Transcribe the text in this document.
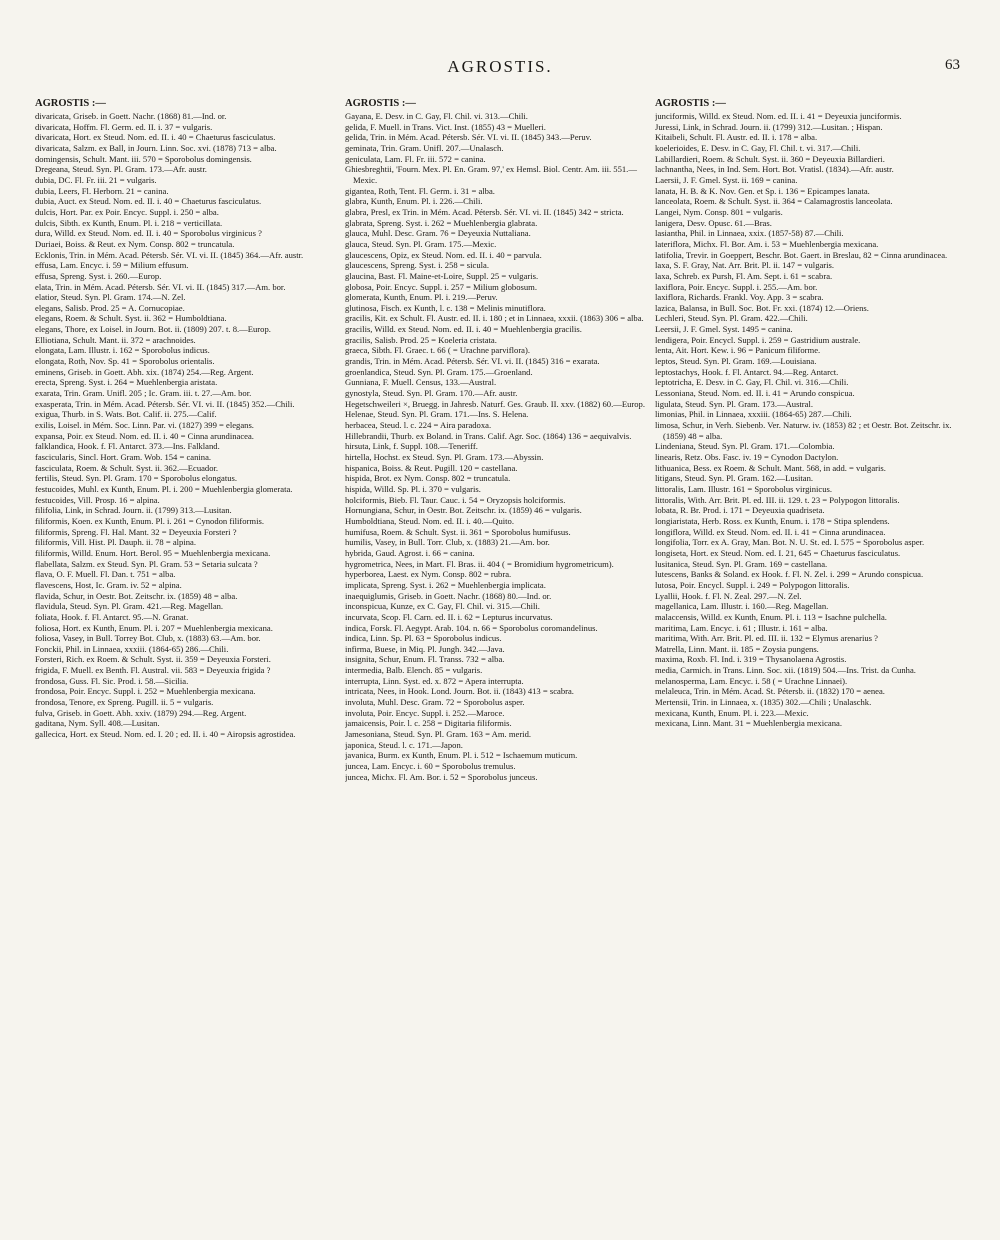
AGROSTIS.	63
AGROSTIS :—

divaricata, Griseb. in Goett. Nachr. (1868) 81.—Ind. or.

divaricata, Hoffm. Fl. Germ. ed. II. i. 37 = vulgaris.

divaricata, Hort. ex Steud. Nom. ed. II. i. 40 = Chaeturus fasciculatus.

divaricata, Salzm. ex Ball, in Journ. Linn. Soc. xvi. (1878) 713 = alba.

domingensis, Schult. Mant. iii. 570 = Sporobolus domingensis.

Dregeana, Steud. Syn. Pl. Gram. 173.—Afr. austr.

dubia, DC. Fl. Fr. iii. 21 = vulgaris.

dubia, Leers, Fl. Herborn. 21 = canina.

dubia, Auct. ex Steud. Nom. ed. II. i. 40 = Chaeturus fasciculatus.

dulcis, Hort. Par. ex Poir. Encyc. Suppl. i. 250 = alba.

dulcis, Sibth. ex Kunth, Enum. Pl. i. 218 = verticillata.

dura, Willd. ex Steud. Nom. ed. II. i. 40 = Sporobolus virginicus ?

Duriaei, Boiss. & Reut. ex Nym. Consp. 802 = truncatula.

Ecklonis, Trin. in Mém. Acad. Pétersb. Sér. VI. vi. II. (1845) 364.—Afr. austr.

effusa, Lam. Encyc. i. 59 = Milium effusum.

effusa, Spreng. Syst. i. 260.—Europ.

elata, Trin. in Mém. Acad. Pétersb. Sér. VI. vi. II. (1845) 317.—Am. bor.

elatior, Steud. Syn. Pl. Gram. 174.—N. Zel.

elegans, Salisb. Prod. 25 = A. Cornucopiae.

elegans, Roem. & Schult. Syst. ii. 362 = Humboldtiana.

elegans, Thore, ex Loisel. in Journ. Bot. ii. (1809) 207. t. 8.—Europ.

Elliotiana, Schult. Mant. ii. 372 = arachnoides.

elongata, Lam. Illustr. i. 162 = Sporobolus indicus.

elongata, Roth, Nov. Sp. 41 = Sporobolus orientalis.

eminens, Griseb. in Goett. Abh. xix. (1874) 254.—Reg. Argent.

erecta, Spreng. Syst. i. 264 = Muehlenbergia aristata.

exarata, Trin. Gram. Unifl. 205 ; Ic. Gram. iii. t. 27.—Am. bor.

exasperata, Trin. in Mém. Acad. Pétersb. Sér. VI. vi. II. (1845) 352.—Chili.

exigua, Thurb. in S. Wats. Bot. Calif. ii. 275.—Calif.

exilis, Loisel. in Mém. Soc. Linn. Par. vi. (1827) 399 = elegans.

expansa, Poir. ex Steud. Nom. ed. II. i. 40 = Cinna arundinacea.

falklandica, Hook. f. Fl. Antarct. 373.—Ins. Falkland.

fascicularis, Sincl. Hort. Gram. Wob. 154 = canina.

fasciculata, Roem. & Schult. Syst. ii. 362.—Ecuador.

fertilis, Steud. Syn. Pl. Gram. 170 = Sporobolus elongatus.

festucoides, Muhl. ex Kunth, Enum. Pl. i. 200 = Muehlenbergia glomerata.

festucoides, Vill. Prosp. 16 = alpina.

filifolia, Link, in Schrad. Journ. ii. (1799) 313.—Lusitan.

filiformis, Koen. ex Kunth, Enum. Pl. i. 261 = Cynodon filiformis.

filiformis, Spreng. Fl. Hal. Mant. 32 = Deyeuxia Forsteri ?

filiformis, Vill. Hist. Pl. Dauph. ii. 78 = alpina.

filiformis, Willd. Enum. Hort. Berol. 95 = Muehlenbergia mexicana.

flabellata, Salzm. ex Steud. Syn. Pl. Gram. 53 = Setaria sulcata ?

flava, O. F. Muell. Fl. Dan. t. 751 = alba.

flavescens, Host, Ic. Gram. iv. 52 = alpina.

flavida, Schur, in Oestr. Bot. Zeitschr. ix. (1859) 48 = alba.

flavidula, Steud. Syn. Pl. Gram. 421.—Reg. Magellan.

foliata, Hook. f. Fl. Antarct. 95.—N. Granat.

foliosa, Hort. ex Kunth, Enum. Pl. i. 207 = Muehlenbergia mexicana.

foliosa, Vasey, in Bull. Torrey Bot. Club, x. (1883) 63.—Am. bor.

Fonckii, Phil. in Linnaea, xxxiii. (1864-65) 286.—Chili.

Forsteri, Rich. ex Roem. & Schult. Syst. ii. 359 = Deyeuxia Forsteri.

frigida, F. Muell. ex Benth. Fl. Austral. vii. 583 = Deyeuxia frigida ?

frondosa, Guss. Fl. Sic. Prod. i. 58.—Sicilia.

frondosa, Poir. Encyc. Suppl. i. 252 = Muehlenbergia mexicana.

frondosa, Tenore, ex Spreng. Pugill. ii. 5 = vulgaris.

fulva, Griseb. in Goett. Abh. xxiv. (1879) 294.—Reg. Argent.

gaditana, Nym. Syll. 408.—Lusitan.

gallecica, Hort. ex Steud. Nom. ed. I. 20 ; ed. II. i. 40 = Airopsis agrostidea.

AGROSTIS :—

Gayana, E. Desv. in C. Gay, Fl. Chil. vi. 313.—Chili.

gelida, F. Muell. in Trans. Vict. Inst. (1855) 43 = Muelleri.

gelida, Trin. in Mém. Acad. Pétersb. Sér. VI. vi. II. (1845) 343.—Peruv.

geminata, Trin. Gram. Unifl. 207.—Unalasch.

geniculata, Lam. Fl. Fr. iii. 572 = canina.

Ghiesbreghtii, 'Fourn. Mex. Pl. En. Gram. 97,' ex Hemsl. Biol. Centr. Am. iii. 551.—Mexic.

gigantea, Roth, Tent. Fl. Germ. i. 31 = alba.

glabra, Kunth, Enum. Pl. i. 226.—Chili.

glabra, Presl, ex Trin. in Mém. Acad. Pétersb. Sér. VI. vi. II. (1845) 342 = stricta.

glabrata, Spreng. Syst. i. 262 = Muehlenbergia glabrata.

glauca, Muhl. Desc. Gram. 76 = Deyeuxia Nuttaliana.

glauca, Steud. Syn. Pl. Gram. 175.—Mexic.

glaucescens, Opiz, ex Steud. Nom. ed. II. i. 40 = parvula.

glaucescens, Spreng. Syst. i. 258 = sicula.

glaucina, Bast. Fl. Maine-et-Loire, Suppl. 25 = vulgaris.

globosa, Poir. Encyc. Suppl. i. 257 = Milium globosum.

glomerata, Kunth, Enum. Pl. i. 219.—Peruv.

glutinosa, Fisch. ex Kunth, l. c. 138 = Melinis minutiflora.

gracilis, Kit. ex Schult. Fl. Austr. ed. II. i. 180 ; et in Linnaea, xxxii. (1863) 306 = alba.

gracilis, Willd. ex Steud. Nom. ed. II. i. 40 = Muehlenbergia gracilis.

gracilis, Salisb. Prod. 25 = Koeleria cristata.

graeca, Sibth. Fl. Graec. t. 66 ( = Urachne parviflora).

grandis, Trin. in Mém. Acad. Pétersb. Sér. VI. vi. II. (1845) 316 = exarata.

groenlandica, Steud. Syn. Pl. Gram. 175.—Groenland.

Gunniana, F. Muell. Census, 133.—Austral.

gynostyla, Steud. Syn. Pl. Gram. 170.—Afr. austr.

Hegetschweileri ×, Bruegg. in Jahresb. Naturf. Ges. Graub. II. xxv. (1882) 60.—Europ.

Helenae, Steud. Syn. Pl. Gram. 171.—Ins. S. Helena.

herbacea, Steud. l. c. 224 = Aira paradoxa.

Hillebrandii, Thurb. ex Boland. in Trans. Calif. Agr. Soc. (1864) 136 = aequivalvis.

hirsuta, Link, f. Suppl. 108.—Teneriff.

hirtella, Hochst. ex Steud. Syn. Pl. Gram. 173.—Abyssin.

hispanica, Boiss. & Reut. Pugill. 120 = castellana.

hispida, Brot. ex Nym. Consp. 802 = truncatula.

hispida, Willd. Sp. Pl. i. 370 = vulgaris.

holciformis, Bieb. Fl. Taur. Cauc. i. 54 = Oryzopsis holciformis.

Hornungiana, Schur, in Oestr. Bot. Zeitschr. ix. (1859) 46 = vulgaris.

Humboldtiana, Steud. Nom. ed. II. i. 40.—Quito.

humifusa, Roem. & Schult. Syst. ii. 361 = Sporobolus humifusus.

humilis, Vasey, in Bull. Torr. Club, x. (1883) 21.—Am. bor.

hybrida, Gaud. Agrost. i. 66 = canina.

hygrometrica, Nees, in Mart. Fl. Bras. ii. 404 ( = Bromidium hygrometricum).

hyperborea, Laest. ex Nym. Consp. 802 = rubra.

implicata, Spreng. Syst. i. 262 = Muehlenbergia implicata.

inaequiglumis, Griseb. in Goett. Nachr. (1868) 80.—Ind. or.

inconspicua, Kunze, ex C. Gay, Fl. Chil. vi. 315.—Chili.

incurvata, Scop. Fl. Carn. ed. II. i. 62 = Lepturus incurvatus.

indica, Forsk. Fl. Aegypt. Arab. 104. n. 66 = Sporobolus coromandelinus.

indica, Linn. Sp. Pl. 63 = Sporobolus indicus.

infirma, Buese, in Miq. Pl. Jungh. 342.—Java.

insignita, Schur, Enum. Fl. Transs. 732 = alba.

intermedia, Balb. Elench. 85 = vulgaris.

interrupta, Linn. Syst. ed. x. 872 = Apera interrupta.

intricata, Nees, in Hook. Lond. Journ. Bot. ii. (1843) 413 = scabra.

involuta, Muhl. Desc. Gram. 72 = Sporobolus asper.

involuta, Poir. Encyc. Suppl. i. 252.—Maroce.

jamaicensis, Poir. l. c. 258 = Digitaria filiformis.

Jamesoniana, Steud. Syn. Pl. Gram. 163 = Am. merid.

japonica, Steud. l. c. 171.—Japon.

javanica, Burm. ex Kunth, Enum. Pl. i. 512 = Ischaemum muticum.

juncea, Lam. Encyc. i. 60 = Sporobolus tremulus.

juncea, Michx. Fl. Am. Bor. i. 52 = Sporobolus junceus.

AGROSTIS :—

junciformis, Willd. ex Steud. Nom. ed. II. i. 41 = Deyeuxia junciformis.

Juressi, Link, in Schrad. Journ. ii. (1799) 312.—Lusitan. ; Hispan.

Kitaibeli, Schult. Fl. Austr. ed. II. i. 178 = alba.

koelerioides, E. Desv. in C. Gay, Fl. Chil. t. vi. 317.—Chili.

Labillardieri, Roem. & Schult. Syst. ii. 360 = Deyeuxia Billardieri.

lachnantha, Nees, in Ind. Sem. Hort. Bot. Vratisl. (1834).—Afr. austr.

Laersii, J. F. Gmel. Syst. ii. 169 = canina.

lanata, H. B. & K. Nov. Gen. et Sp. i. 136 = Epicampes lanata.

lanceolata, Roem. & Schult. Syst. ii. 364 = Calamagrostis lanceolata.

Langei, Nym. Consp. 801 = vulgaris.

lanigera, Desv. Opusc. 61.—Bras.

lasiantha, Phil. in Linnaea, xxix. (1857-58) 87.—Chili.

lateriflora, Michx. Fl. Bor. Am. i. 53 = Muehlenbergia mexicana.

latifolia, Trevir. in Goeppert, Beschr. Bot. Gaert. in Breslau, 82 = Cinna arundinacea.

laxa, S. F. Gray, Nat. Arr. Brit. Pl. ii. 147 = vulgaris.

laxa, Schreb. ex Pursh, Fl. Am. Sept. i. 61 = scabra.

laxiflora, Poir. Encyc. Suppl. i. 255.—Am. bor.

laxiflora, Richards. Frankl. Voy. App. 3 = scabra.

lazica, Balansa, in Bull. Soc. Bot. Fr. xxi. (1874) 12.—Oriens.

Lechleri, Steud. Syn. Pl. Gram. 422.—Chili.

Leersii, J. F. Gmel. Syst. 1495 = canina.

lendigera, Poir. Encycl. Suppl. i. 259 = Gastridium australe.

lenta, Ait. Hort. Kew. i. 96 = Panicum filiforme.

leptos, Steud. Syn. Pl. Gram. 169.—Louisiana.

leptostachys, Hook. f. Fl. Antarct. 94.—Reg. Antarct.

leptotricha, E. Desv. in C. Gay, Fl. Chil. vi. 316.—Chili.

Lessoniana, Steud. Nom. ed. II. i. 41 = Arundo conspicua.

ligulata, Steud. Syn. Pl. Gram. 173.—Austral.

limonias, Phil. in Linnaea, xxxiii. (1864-65) 287.—Chili.

limosa, Schur, in Verh. Siebenb. Ver. Naturw. iv. (1853) 82 ; et Oestr. Bot. Zeitschr. ix. (1859) 48 = alba.

Lindeniana, Steud. Syn. Pl. Gram. 171.—Colombia.

linearis, Retz. Obs. Fasc. iv. 19 = Cynodon Dactylon.

lithuanica, Bess. ex Roem. & Schult. Mant. 568, in add. = vulgaris.

litigans, Steud. Syn. Pl. Gram. 162.—Lusitan.

littoralis, Lam. Illustr. 161 = Sporobolus virginicus.

littoralis, With. Arr. Brit. Pl. ed. III. ii. 129. t. 23 = Polypogon littoralis.

lobata, R. Br. Prod. i. 171 = Deyeuxia quadriseta.

longiaristata, Herb. Ross. ex Kunth, Enum. i. 178 = Stipa splendens.

longiflora, Willd. ex Steud. Nom. ed. II. i. 41 = Cinna arundinacea.

longifolia, Torr. ex A. Gray, Man. Bot. N. U. St. ed. I. 575 = Sporobolus asper.

longiseta, Hort. ex Steud. Nom. ed. I. 21, 645 = Chaeturus fasciculatus.

lusitanica, Steud. Syn. Pl. Gram. 169 = castellana.

lutescens, Banks & Soland. ex Hook. f. Fl. N. Zel. i. 299 = Arundo conspicua.

lutosa, Poir. Encycl. Suppl. i. 249 = Polypogon littoralis.

Lyallii, Hook. f. Fl. N. Zeal. 297.—N. Zel.

magellanica, Lam. Illustr. i. 160.—Reg. Magellan.

malaccensis, Willd. ex Kunth, Enum. Pl. i. 113 = Isachne pulchella.

maritima, Lam. Encyc. i. 61 ; Illustr. i. 161 = alba.

maritima, With. Arr. Brit. Pl. ed. III. ii. 132 = Elymus arenarius ?

Matrella, Linn. Mant. ii. 185 = Zoysia pungens.

maxima, Roxb. Fl. Ind. i. 319 = Thysanolaena Agrostis.

media, Carmich. in Trans. Linn. Soc. xii. (1819) 504.—Ins. Trist. da Cunha.

melanosperma, Lam. Encyc. i. 58 ( = Urachne Linnaei).

melaleuca, Trin. in Mém. Acad. St. Pétersb. ii. (1832) 170 = aenea.

Mertensii, Trin. in Linnaea, x. (1835) 302.—Chili ; Unalaschk.

mexicana, Kunth, Enum. Pl. i. 223.—Mexic.

mexicana, Linn. Mant. 31 = Muehlenbergia mexicana.
